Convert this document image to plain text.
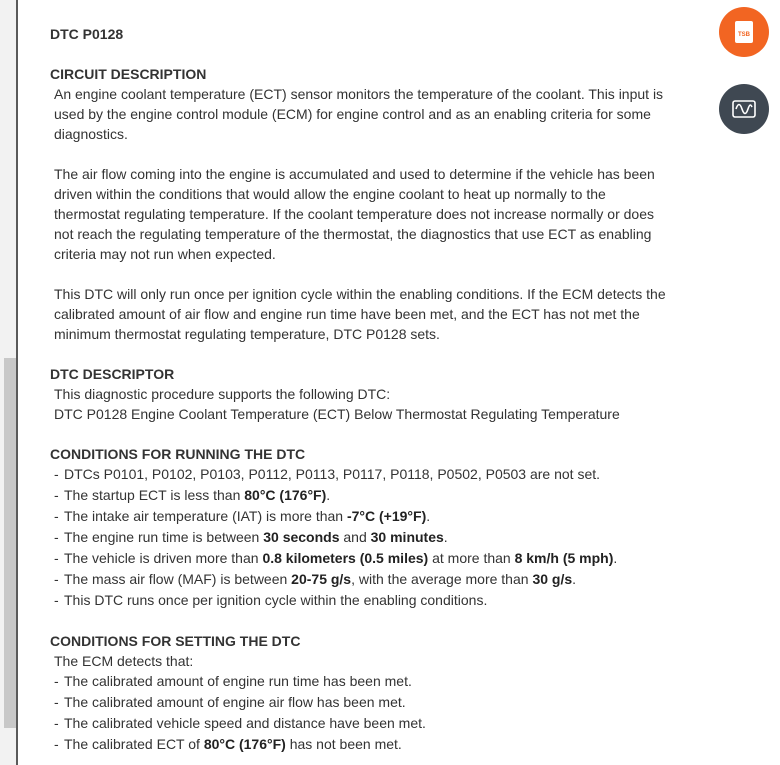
DTC P0128
CIRCUIT DESCRIPTION
An engine coolant temperature (ECT) sensor monitors the temperature of the coolant. This input is
used by the engine control module (ECM) for engine control and as an enabling criteria for some
diagnostics.
The air flow coming into the engine is accumulated and used to determine if the vehicle has been
driven within the conditions that would allow the engine coolant to heat up normally to the
thermostat regulating temperature. If the coolant temperature does not increase normally or does
not reach the regulating temperature of the thermostat, the diagnostics that use ECT as enabling
criteria may not run when expected.
This DTC will only run once per ignition cycle within the enabling conditions. If the ECM detects the
calibrated amount of air flow and engine run time have been met, and the ECT has not met the
minimum thermostat regulating temperature, DTC P0128 sets.
DTC DESCRIPTOR
This diagnostic procedure supports the following DTC:
DTC P0128 Engine Coolant Temperature (ECT) Below Thermostat Regulating Temperature
CONDITIONS FOR RUNNING THE DTC
- DTCs P0101, P0102, P0103, P0112, P0113, P0117, P0118, P0502, P0503 are not set.
- The startup ECT is less than 80°C (176°F).
- The intake air temperature (IAT) is more than -7°C (+19°F).
- The engine run time is between 30 seconds and 30 minutes.
- The vehicle is driven more than 0.8 kilometers (0.5 miles) at more than 8 km/h (5 mph).
- The mass air flow (MAF) is between 20-75 g/s, with the average more than 30 g/s.
- This DTC runs once per ignition cycle within the enabling conditions.
CONDITIONS FOR SETTING THE DTC
The ECM detects that:
- The calibrated amount of engine run time has been met.
- The calibrated amount of engine air flow has been met.
- The calibrated vehicle speed and distance have been met.
- The calibrated ECT of 80°C (176°F) has not been met.
TSB
